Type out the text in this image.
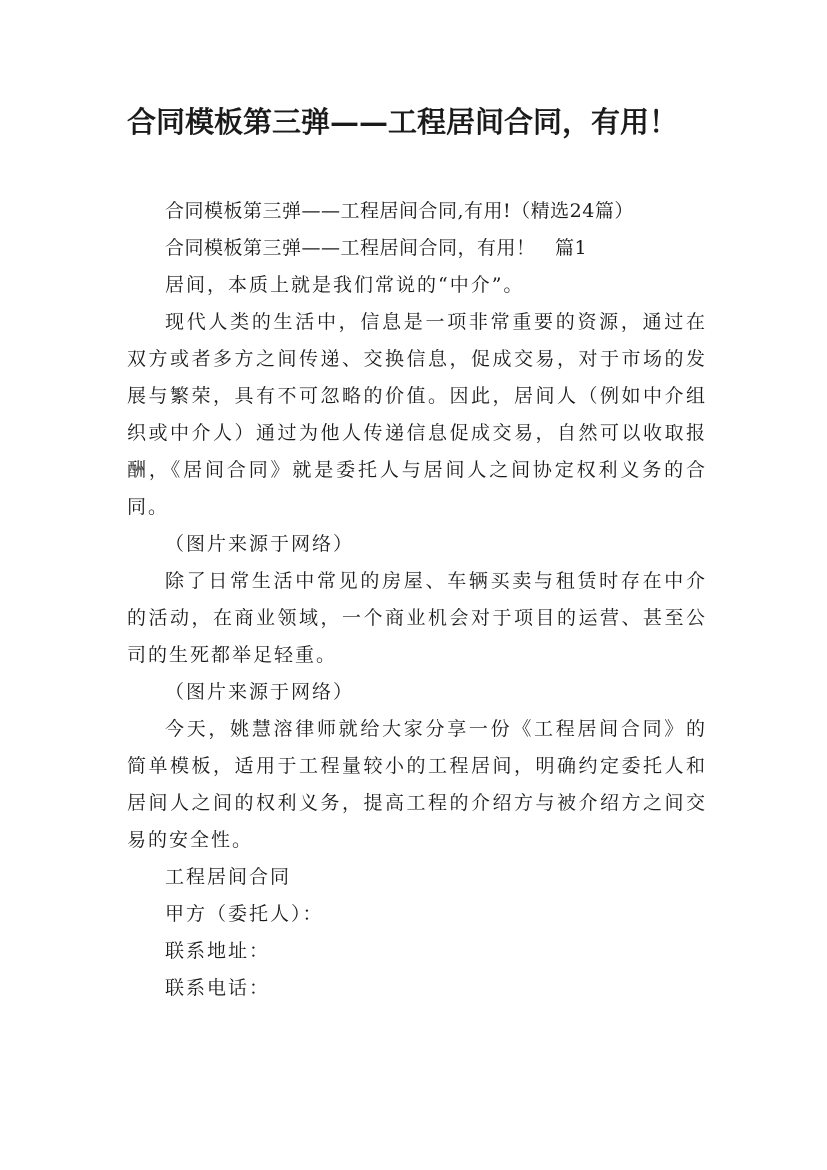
合同模板第三弹——工程居间合同，有用！

合同模板第三弹——工程居间合同,有用!（精选24篇）

合同模板第三弹——工程居间合同，有用！　篇1

居间，本质上就是我们常说的“中介”。

现代人类的生活中，信息是一项非常重要的资源，通过在双方或者多方之间传递、交换信息，促成交易，对于市场的发展与繁荣，具有不可忽略的价值。因此，居间人（例如中介组织或中介人）通过为他人传递信息促成交易，自然可以收取报酬，《居间合同》就是委托人与居间人之间协定权利义务的合同。

（图片来源于网络）

除了日常生活中常见的房屋、车辆买卖与租赁时存在中介的活动，在商业领域，一个商业机会对于项目的运营、甚至公司的生死都举足轻重。

（图片来源于网络）

今天，姚慧溶律师就给大家分享一份《工程居间合同》的简单模板，适用于工程量较小的工程居间，明确约定委托人和居间人之间的权利义务，提高工程的介绍方与被介绍方之间交易的安全性。

工程居间合同

甲方（委托人）：

联系地址：

联系电话：
